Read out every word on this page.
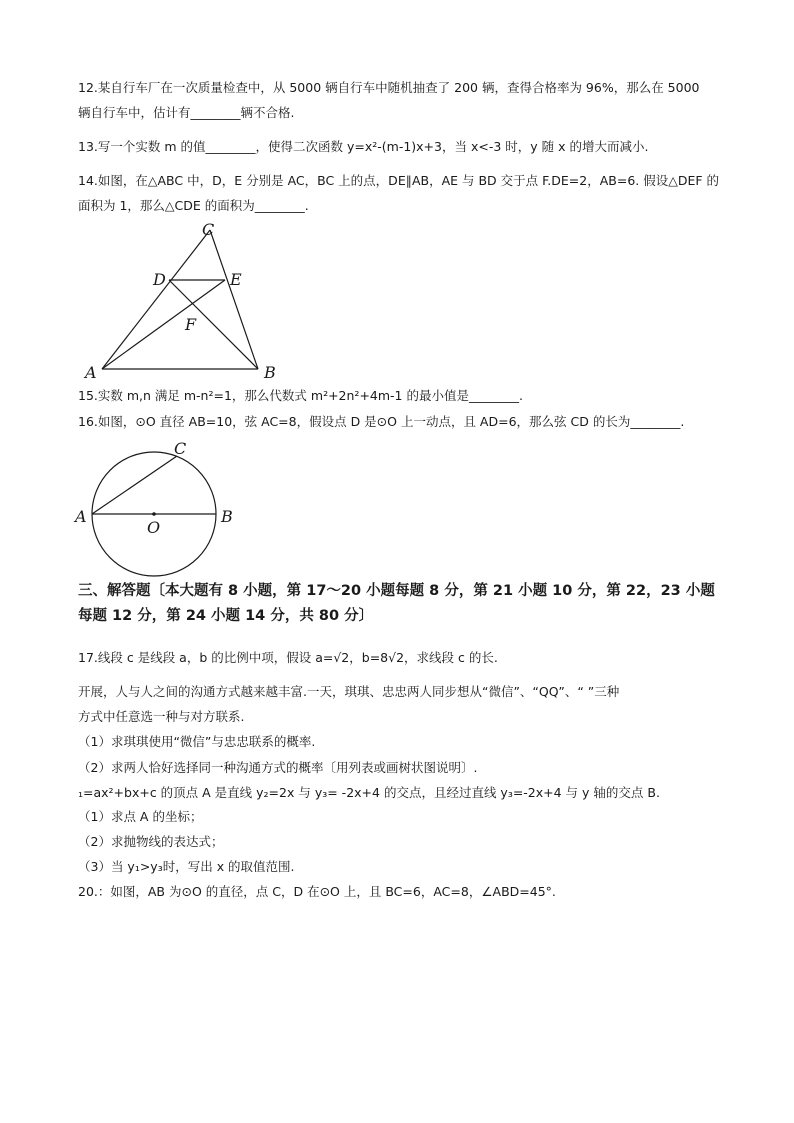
12.某自行车厂在一次质量检查中，从 5000 辆自行车中随机抽查了 200 辆，查得合格率为 96%，那么在 5000
辆自行车中，估计有________辆不合格.
13.写一个实数 m 的值________，使得二次函数 y=x²-(m-1)x+3，当 x<-3 时，y 随 x 的增大而减小.
14.如图，在△ABC 中，D，E 分别是 AC，BC 上的点，DE∥AB，AE 与 BD 交于点 F.DE=2，AB=6. 假设△DEF 的
面积为 1，那么△CDE 的面积为________.
C
D	E
F
A	B
15.实数 m,n 满足 m-n²=1，那么代数式 m²+2n²+4m-1 的最小值是________.
16.如图，⊙O 直径 AB=10，弦 AC=8，假设点 D 是⊙O 上一动点，且 AD=6，那么弦 CD 的长为________.
C
A	B
O
三、解答题〔本大题有 8 小题，第 17～20 小题每题 8 分，第 21 小题 10 分，第 22，23 小题
每题 12 分，第 24 小题 14 分，共 80 分〕
17.线段 c 是线段 a，b 的比例中项，假设 a=√2，b=8√2，求线段 c 的长.
开展，人与人之间的沟通方式越来越丰富.一天，琪琪、忠忠两人同步想从“微信”、“QQ”、“ ”三种
方式中任意选一种与对方联系.
（1）求琪琪使用“微信”与忠忠联系的概率.
（2）求两人恰好选择同一种沟通方式的概率〔用列表或画树状图说明〕.
₁=ax²+bx+c 的顶点 A 是直线 y₂=2x 与 y₃= -2x+4 的交点，且经过直线 y₃=-2x+4 与 y 轴的交点 B.
（1）求点 A 的坐标；
（2）求抛物线的表达式；
（3）当 y₁>y₃时，写出 x 的取值范围.
20.：如图，AB 为⊙O 的直径，点 C，D 在⊙O 上，且 BC=6，AC=8，∠ABD=45°.
